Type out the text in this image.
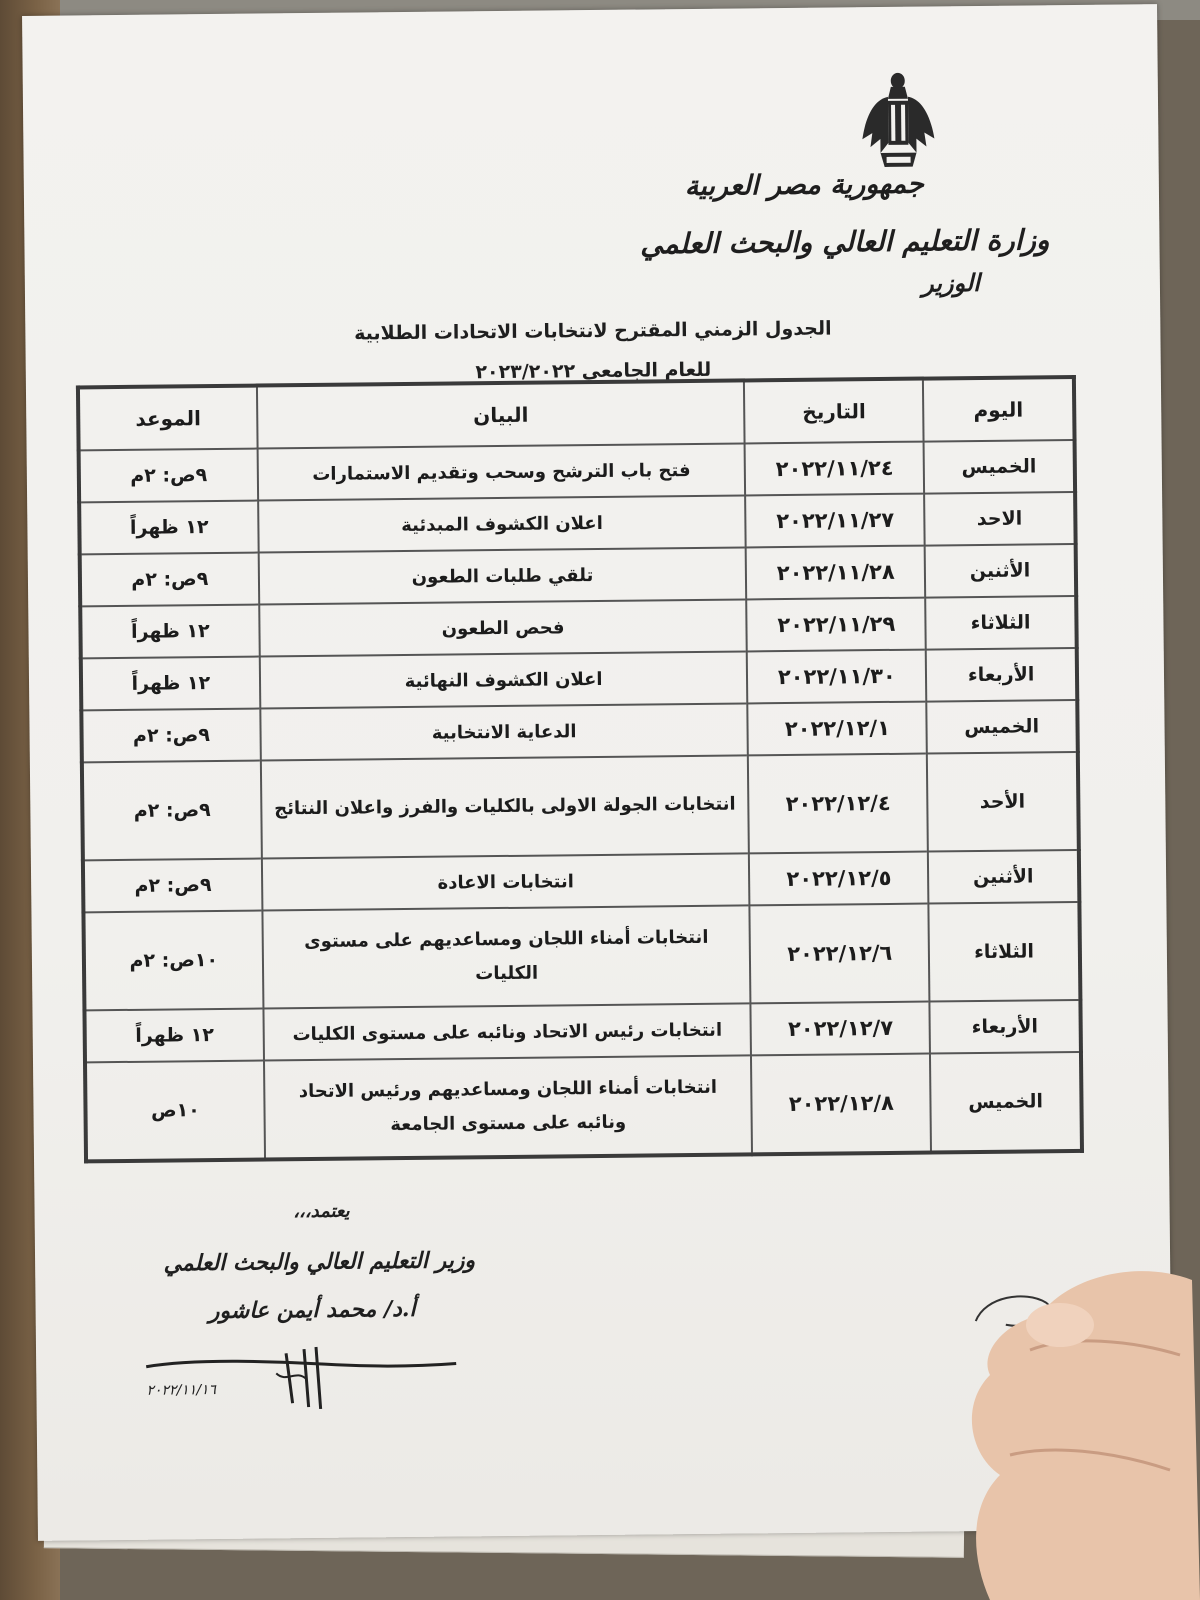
جمهورية مصر العربية
وزارة التعليم العالي والبحث العلمي
الوزير
الجدول الزمني المقترح لانتخابات الاتحادات الطلابية
للعام الجامعي ٢٠٢٣/٢٠٢٢
اليوم	التاريخ	البيان	الموعد
الخميس	٢٠٢٢/١١/٢٤	فتح باب الترشح وسحب وتقديم الاستمارات	٩ص: ٢م
الاحد	٢٠٢٢/١١/٢٧	اعلان الكشوف المبدئية	١٢ ظهراً
الأثنين	٢٠٢٢/١١/٢٨	تلقي طلبات الطعون	٩ص: ٢م
الثلاثاء	٢٠٢٢/١١/٢٩	فحص الطعون	١٢ ظهراً
الأربعاء	٢٠٢٢/١١/٣٠	اعلان الكشوف النهائية	١٢ ظهراً
الخميس	٢٠٢٢/١٢/١	الدعاية الانتخابية	٩ص: ٢م
الأحد	٢٠٢٢/١٢/٤	انتخابات الجولة الاولى بالكليات والفرز واعلان النتائج	٩ص: ٢م
الأثنين	٢٠٢٢/١٢/٥	انتخابات الاعادة	٩ص: ٢م
الثلاثاء	٢٠٢٢/١٢/٦	انتخابات أمناء اللجان ومساعديهم على مستوى الكليات	١٠ص: ٢م
الأربعاء	٢٠٢٢/١٢/٧	انتخابات رئيس الاتحاد ونائبه على مستوى الكليات	١٢ ظهراً
الخميس	٢٠٢٢/١٢/٨	انتخابات أمناء اللجان ومساعديهم ورئيس الاتحاد ونائبه على مستوى الجامعة	١٠ص
يعتمد،،،
وزير التعليم العالي والبحث العلمي
أ.د/ محمد أيمن عاشور
٢٠٢٢/١١/١٦
